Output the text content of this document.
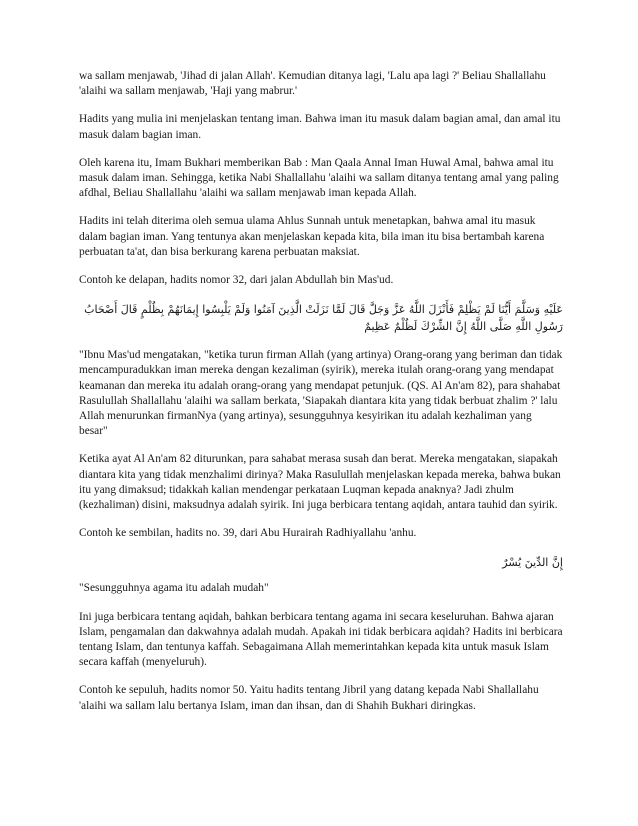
wa sallam menjawab, 'Jihad di jalan Allah'. Kemudian ditanya lagi, 'Lalu apa lagi ?' Beliau Shallallahu 'alaihi wa sallam menjawab, 'Haji yang mabrur.'

Hadits yang mulia ini menjelaskan tentang iman. Bahwa iman itu masuk dalam bagian amal, dan amal itu masuk dalam bagian iman.

Oleh karena itu, Imam Bukhari memberikan Bab : Man Qaala Annal Iman Huwal Amal, bahwa amal itu masuk dalam iman. Sehingga, ketika Nabi Shallallahu 'alaihi wa sallam ditanya tentang amal yang paling afdhal, Beliau Shallallahu 'alaihi wa sallam menjawab iman kepada Allah.

Hadits ini telah diterima oleh semua ulama Ahlus Sunnah untuk menetapkan, bahwa amal itu masuk dalam bagian iman. Yang tentunya akan menjelaskan kepada kita, bila iman itu bisa bertambah karena perbuatan ta'at, dan bisa berkurang karena perbuatan maksiat.

Contoh ke delapan, hadits nomor 32, dari jalan Abdullah bin Mas'ud.

عَلَيْهِ وَسَلَّمَ أَيُّنَا لَمْ يَظْلِمْ فَأَنْزَلَ اللَّهُ عَزَّ وَجَلَّ قَالَ لَمَّا نَزَلَتْ الَّذِينَ آمَنُوا وَلَمْ يَلْبِسُوا إِيمَانَهُمْ بِظُلْمٍ قَالَ أَصْحَابُ رَسُولِ اللَّهِ صَلَّى اللَّهُ إِنَّ الشِّرْكَ لَظُلْمٌ عَظِيمٌ

"Ibnu Mas'ud mengatakan, "ketika turun firman Allah (yang artinya) Orang-orang yang beriman dan tidak mencampuradukkan iman mereka dengan kezaliman (syirik), mereka itulah orang-orang yang mendapat keamanan dan mereka itu adalah orang-orang yang mendapat petunjuk. (QS. Al An'am 82), para shahabat Rasulullah Shallallahu 'alaihi wa sallam berkata, 'Siapakah diantara kita yang tidak berbuat zhalim ?' lalu Allah menurunkan firmanNya (yang artinya), sesungguhnya kesyirikan itu adalah kezhaliman yang besar"

Ketika ayat Al An'am 82 diturunkan, para sahabat merasa susah dan berat. Mereka mengatakan, siapakah diantara kita yang tidak menzhalimi dirinya? Maka Rasulullah menjelaskan kepada mereka, bahwa bukan itu yang dimaksud; tidakkah kalian mendengar perkataan Luqman kepada anaknya? Jadi zhulm (kezhaliman) disini, maksudnya adalah syirik. Ini juga berbicara tentang aqidah, antara tauhid dan syirik.

Contoh ke sembilan, hadits no. 39, dari Abu Hurairah Radhiyallahu 'anhu.

إِنَّ الدِّينَ يُسْرٌ

"Sesungguhnya agama itu adalah mudah"

Ini juga berbicara tentang aqidah, bahkan berbicara tentang agama ini secara keseluruhan. Bahwa ajaran Islam, pengamalan dan dakwahnya adalah mudah. Apakah ini tidak berbicara aqidah? Hadits ini berbicara tentang Islam, dan tentunya kaffah. Sebagaimana Allah memerintahkan kepada kita untuk masuk Islam secara kaffah (menyeluruh).

Contoh ke sepuluh, hadits nomor 50. Yaitu hadits tentang Jibril yang datang kepada Nabi Shallallahu 'alaihi wa sallam lalu bertanya Islam, iman dan ihsan, dan di Shahih Bukhari diringkas.
